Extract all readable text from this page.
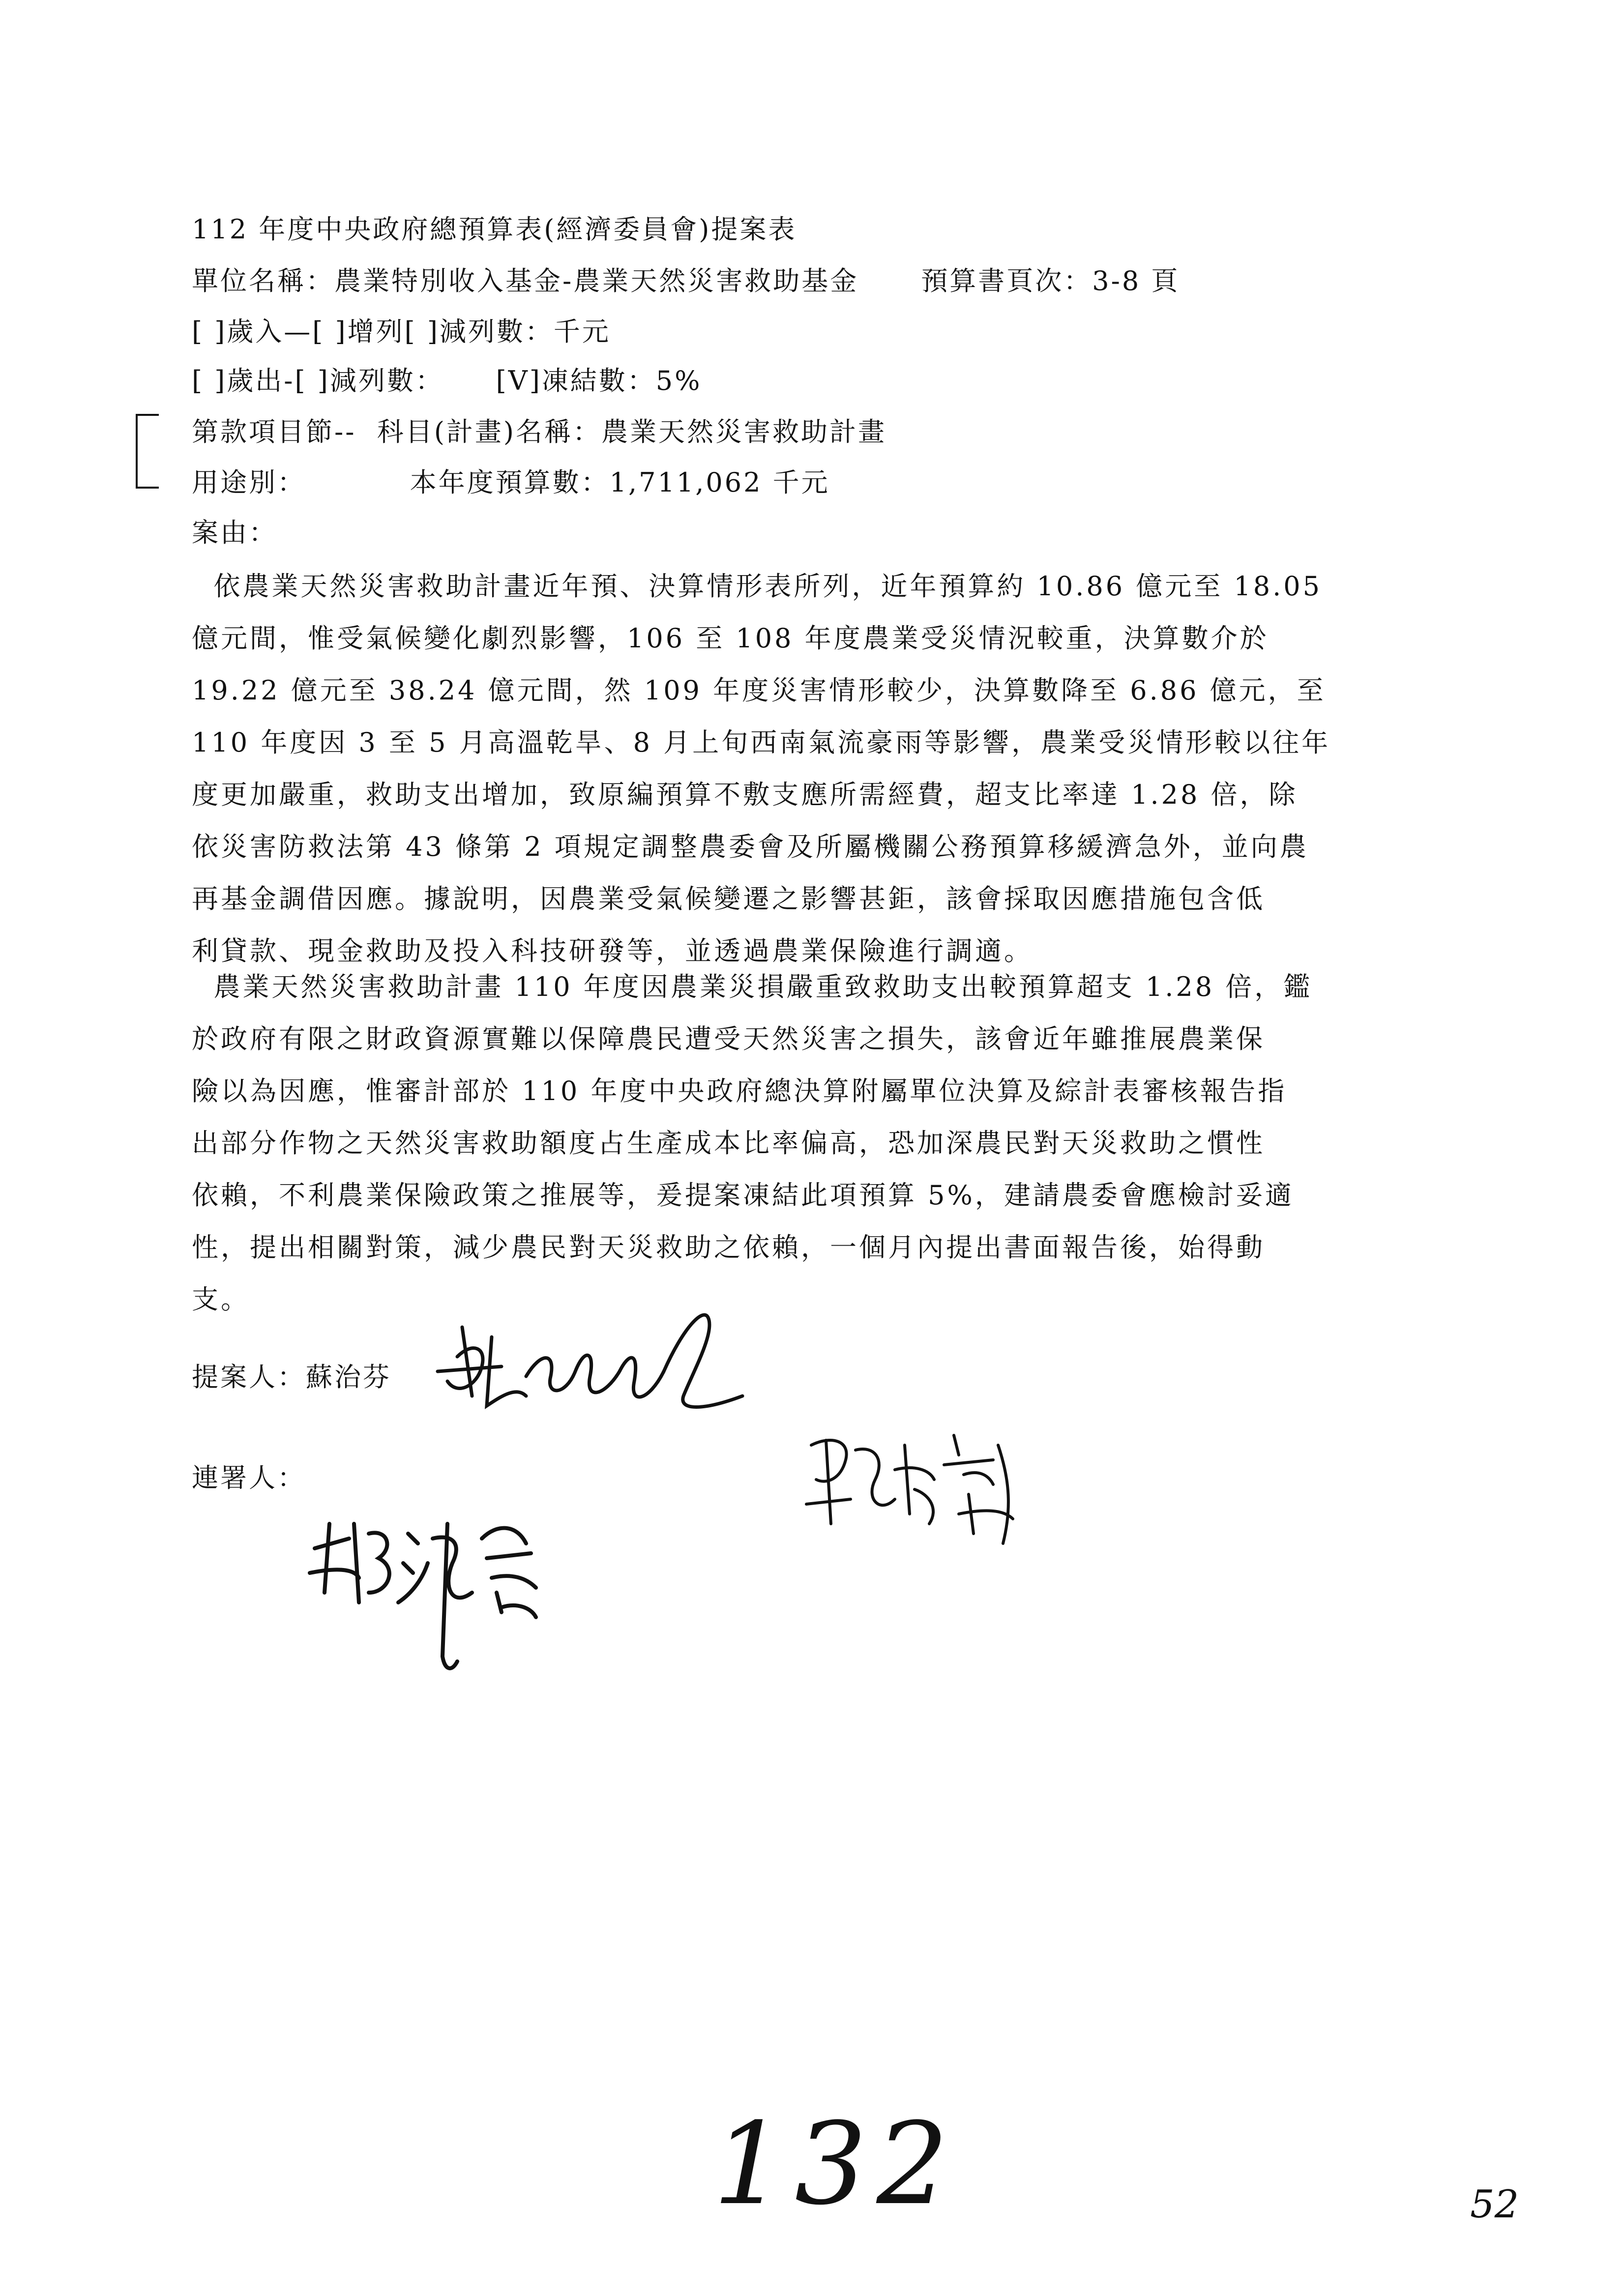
112 年度中央政府總預算表(經濟委員會)提案表
單位名稱：農業特別收入基金-農業天然災害救助基金      預算書頁次：3-8 頁
[ ]歲入—[ ]增列[ ]減列數：千元
[ ]歲出-[ ]減列數：     [V]凍結數：5%
第款項目節--  科目(計畫)名稱：農業天然災害救助計畫
用途別：          本年度預算數：1,711,062 千元
案由：
依農業天然災害救助計畫近年預、決算情形表所列，近年預算約 10.86 億元至 18.05
億元間，惟受氣候變化劇烈影響，106 至 108 年度農業受災情況較重，決算數介於
19.22 億元至 38.24 億元間，然 109 年度災害情形較少，決算數降至 6.86 億元，至
110 年度因 3 至 5 月高溫乾旱、8 月上旬西南氣流豪雨等影響，農業受災情形較以往年
度更加嚴重，救助支出增加，致原編預算不敷支應所需經費，超支比率達 1.28 倍，除
依災害防救法第 43 條第 2 項規定調整農委會及所屬機關公務預算移緩濟急外，並向農
再基金調借因應。據說明，因農業受氣候變遷之影響甚鉅，該會採取因應措施包含低
利貸款、現金救助及投入科技研發等，並透過農業保險進行調適。
農業天然災害救助計畫 110 年度因農業災損嚴重致救助支出較預算超支 1.28 倍，鑑
於政府有限之財政資源實難以保障農民遭受天然災害之損失，該會近年雖推展農業保
險以為因應，惟審計部於 110 年度中央政府總決算附屬單位決算及綜計表審核報告指
出部分作物之天然災害救助額度占生產成本比率偏高，恐加深農民對天災救助之慣性
依賴，不利農業保險政策之推展等，爰提案凍結此項預算 5%，建請農委會應檢討妥適
性，提出相關對策，減少農民對天災救助之依賴，一個月內提出書面報告後，始得動
支。
提案人：蘇治芬
連署人：
132	52
